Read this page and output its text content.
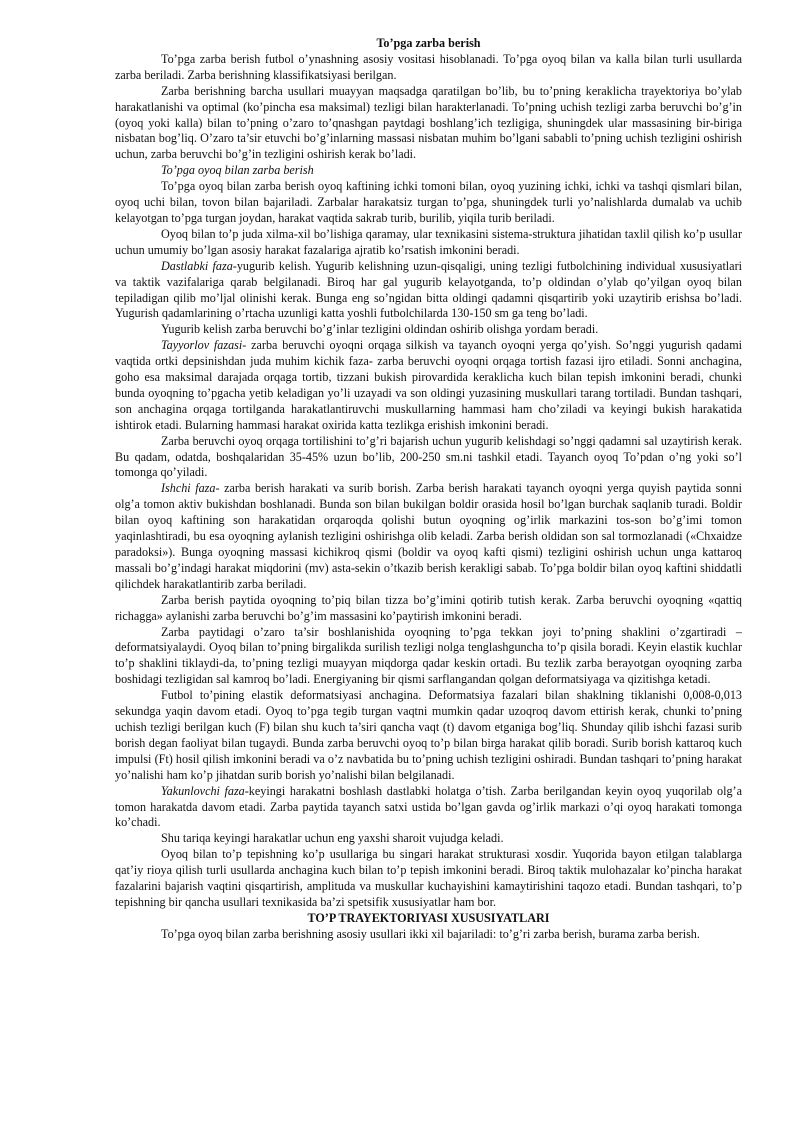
To’pga zarba berish

To’pga zarba berish futbol o’ynashning asosiy vositasi hisoblanadi. To’pga oyoq bilan va kalla bilan turli usullarda zarba beriladi. Zarba berishning klassifikatsiyasi berilgan.

Zarba berishning barcha usullari muayyan maqsadga qaratilgan bo’lib, bu to’pning keraklicha trayektoriya bo’ylab harakatlanishi va optimal (ko’pincha esa maksimal) tezligi bilan harakterlanadi. To’pning uchish tezligi zarba beruvchi bo’g’in (oyoq yoki kalla) bilan to’pning o’zaro to’qnashgan paytdagi boshlang’ich tezligiga, shuningdek ular massasining bir-biriga nisbatan bog’liq. O’zaro ta’sir etuvchi bo’g’inlarning massasi nisbatan muhim bo’lgani sababli to’pning uchish tezligini oshirish uchun, zarba beruvchi bo’g’in tezligini oshirish kerak bo’ladi.

To’pga oyoq bilan zarba berish

To’pga oyoq bilan zarba berish oyoq kaftining ichki tomoni bilan, oyoq yuzining ichki, ichki va tashqi qismlari bilan, oyoq uchi bilan, tovon bilan bajariladi. Zarbalar harakatsiz turgan to’pga, shuningdek turli yo’nalishlarda dumalab va uchib kelayotgan to’pga turgan joydan, harakat vaqtida sakrab turib, burilib, yiqila turib beriladi.

Oyoq bilan to’p juda xilma-xil bo’lishiga qaramay, ular texnikasini sistema-struktura jihatidan taxlil qilish ko’p usullar uchun umumiy bo’lgan asosiy harakat fazalariga ajratib ko’rsatish imkonini beradi.

Dastlabki faza-yugurib kelish. Yugurib kelishning uzun-qisqaligi, uning tezligi futbolchining individual xususiyatlari va taktik vazifalariga qarab belgilanadi. Biroq har gal yugurib kelayotganda, to’p oldindan o’ylab qo’yilgan oyoq bilan tepiladigan qilib mo’ljal olinishi kerak. Bunga eng so’ngidan bitta oldingi qadamni qisqartirib yoki uzaytirib erishsa bo’ladi. Yugurish qadamlarining o’rtacha uzunligi katta yoshli futbolchilarda 130-150 sm ga teng bo’ladi.

Yugurib kelish zarba beruvchi bo’g’inlar tezligini oldindan oshirib olishga yordam beradi.

Tayyorlov fazasi- zarba beruvchi oyoqni orqaga silkish va tayanch oyoqni yerga qo’yish. So’nggi yugurish qadami vaqtida ortki depsinishdan juda muhim kichik faza- zarba beruvchi oyoqni orqaga tortish fazasi ijro etiladi. Sonni anchagina, goho esa maksimal darajada orqaga tortib, tizzani bukish pirovardida keraklicha kuch bilan tepish imkonini beradi, chunki bunda oyoqning to’pgacha yetib keladigan yo’li uzayadi va son oldingi yuzasining muskullari tarang tortiladi. Bundan tashqari, son anchagina orqaga tortilganda harakatlantiruvchi muskullarning hammasi ham cho’ziladi va keyingi bukish harakatida ishtirok etadi. Bularning hammasi harakat oxirida katta tezlikga erishish imkonini beradi.

Zarba beruvchi oyoq orqaga tortilishini to’g’ri bajarish uchun yugurib kelishdagi so’nggi qadamni sal uzaytirish kerak. Bu qadam, odatda, boshqalaridan 35-45% uzun bo’lib, 200-250 sm.ni tashkil etadi. Tayanch oyoq To’pdan o’ng yoki so’l tomonga qo’yiladi.

Ishchi faza- zarba berish harakati va surib borish. Zarba berish harakati tayanch oyoqni yerga quyish paytida sonni olg’a tomon aktiv bukishdan boshlanadi. Bunda son bilan bukilgan boldir orasida hosil bo’lgan burchak saqlanib turadi. Boldir bilan oyoq kaftining son harakatidan orqaroqda qolishi butun oyoqning og’irlik markazini tos-son bo’g’imi tomon yaqinlashtiradi, bu esa oyoqning aylanish tezligini oshirishga olib keladi. Zarba berish oldidan son sal tormozlanadi («Chxaidze paradoksi»). Bunga oyoqning massasi kichikroq qismi (boldir va oyoq kafti qismi) tezligini oshirish uchun unga kattaroq massali bo’g’indagi harakat miqdorini (mv) asta-sekin o’tkazib berish kerakligi sabab. To’pga boldir bilan oyoq kaftini shiddatli qilichdek harakatlantirib zarba beriladi.

Zarba berish paytida oyoqning to’piq bilan tizza bo’g’imini qotirib tutish kerak. Zarba beruvchi oyoqning «qattiq richagga» aylanishi zarba beruvchi bo’g’im massasini ko’paytirish imkonini beradi.

Zarba paytidagi o’zaro ta’sir boshlanishida oyoqning to’pga tekkan joyi to’pning shaklini o’zgartiradi – deformatsiyalaydi. Oyoq bilan to’pning birgalikda surilish tezligi nolga tenglashguncha to’p qisila boradi. Keyin elastik kuchlar to’p shaklini tiklaydi-da, to’pning tezligi muayyan miqdorga qadar keskin ortadi. Bu tezlik zarba berayotgan oyoqning zarba boshidagi tezligidan sal kamroq bo’ladi. Energiyaning bir qismi sarflangandan qolgan deformatsiyaga va qizitishga ketadi.

Futbol to’pining elastik deformatsiyasi anchagina. Deformatsiya fazalari bilan shaklning tiklanishi 0,008-0,013 sekundga yaqin davom etadi. Oyoq to’pga tegib turgan vaqtni mumkin qadar uzoqroq davom ettirish kerak, chunki to’pning uchish tezligi berilgan kuch (F) bilan shu kuch ta’siri qancha vaqt (t) davom etganiga bog’liq. Shunday qilib ishchi fazasi surib borish degan faoliyat bilan tugaydi. Bunda zarba beruvchi oyoq to’p bilan birga harakat qilib boradi. Surib borish kattaroq kuch impulsi (Ft) hosil qilish imkonini beradi va o’z navbatida bu to’pning uchish tezligini oshiradi. Bundan tashqari to’pning harakat yo’nalishi ham ko’p jihatdan surib borish yo’nalishi bilan belgilanadi.

Yakunlovchi faza-keyingi harakatni boshlash dastlabki holatga o’tish. Zarba berilgandan keyin oyoq yuqorilab olg’a tomon harakatda davom etadi. Zarba paytida tayanch satxi ustida bo’lgan gavda og’irlik markazi o’qi oyoq harakati tomonga ko’chadi.

Shu tariqa keyingi harakatlar uchun eng yaxshi sharoit vujudga keladi.

Oyoq bilan to’p tepishning ko’p usullariga bu singari harakat strukturasi xosdir. Yuqorida bayon etilgan talablarga qat’iy rioya qilish turli usullarda anchagina kuch bilan to’p tepish imkonini beradi. Biroq taktik mulohazalar ko’pincha harakat fazalarini bajarish vaqtini qisqartirish, amplituda va muskullar kuchayishini kamaytirishini taqozo etadi. Bundan tashqari, to’p tepishning bir qancha usullari texnikasida ba’zi spetsifik xususiyatlar ham bor.

TO’P TRAYEKTORIYASI XUSUSIYATLARI

To’pga oyoq bilan zarba berishning asosiy usullari ikki xil bajariladi: to’g’ri zarba berish, burama zarba berish.
